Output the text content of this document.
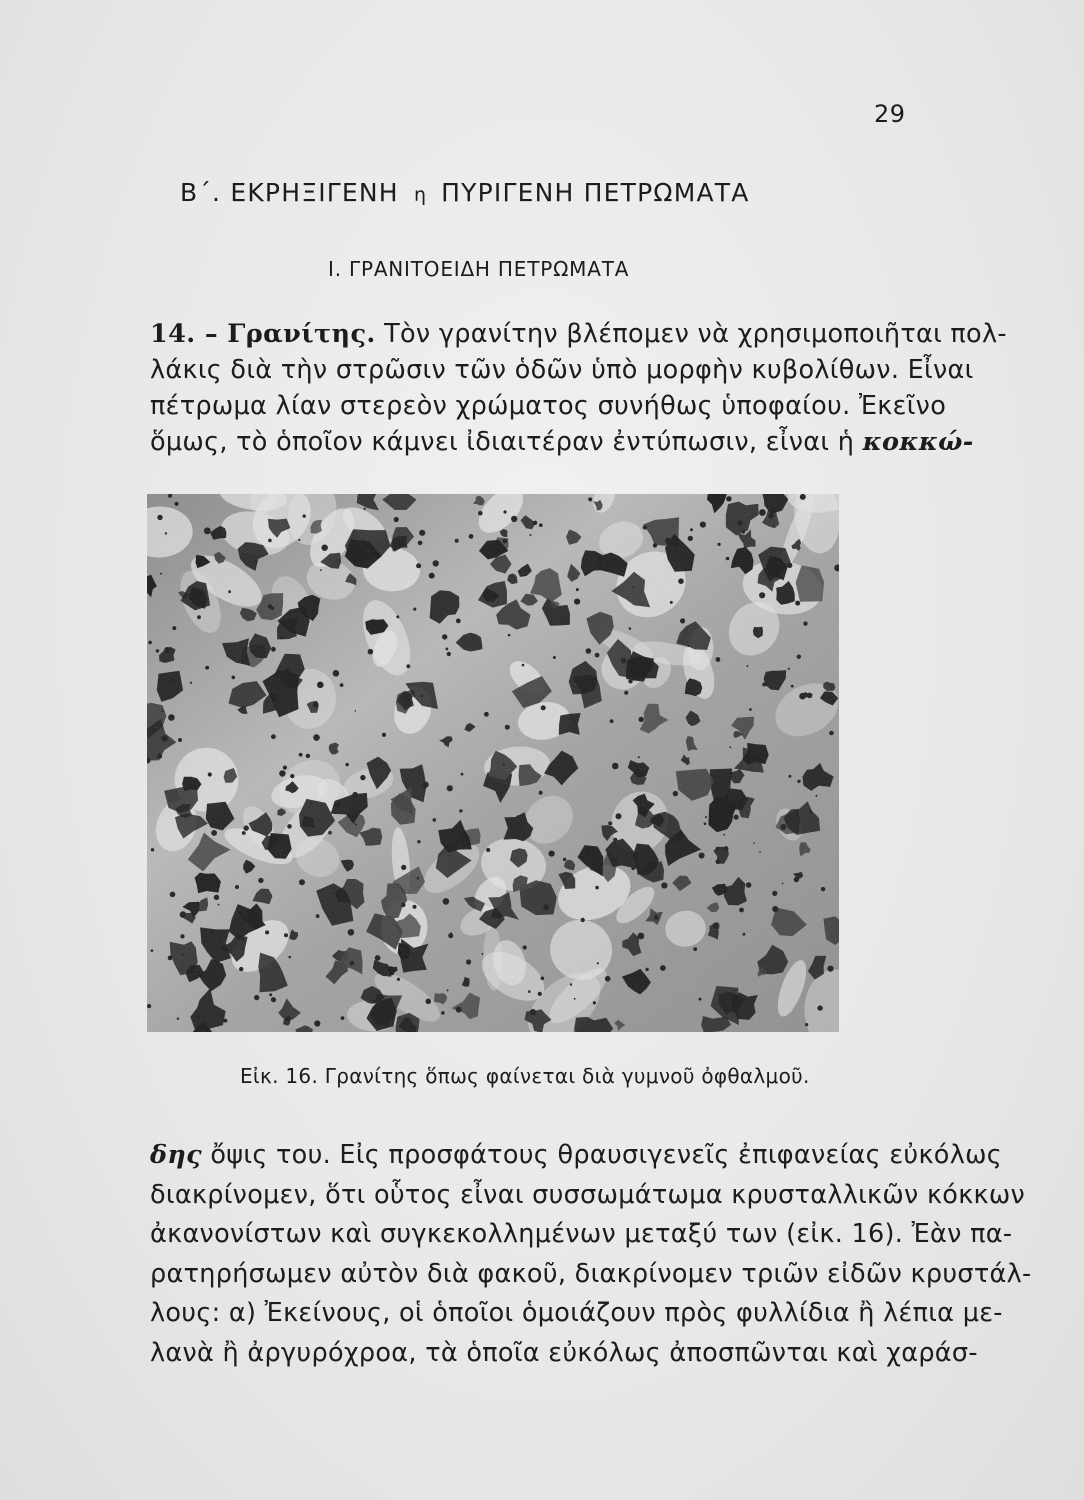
29
Β΄. ΕΚΡΗΞΙΓΕΝΗ η ΠΥΡΙΓΕΝΗ ΠΕΤΡΩΜΑΤΑ
Ι. ΓΡΑΝΙΤΟΕΙΔΗ ΠΕΤΡΩΜΑΤΑ
14. – Γρανίτης. Τὸν γρανίτην βλέπομεν νὰ χρησιμοποιῆται πολ-
λάκις διὰ τὴν στρῶσιν τῶν ὁδῶν ὑπὸ μορφὴν κυβολίθων. Εἶναι
πέτρωμα λίαν στερεὸν χρώματος συνήθως ὑποφαίου. Ἐκεῖνο
ὅμως, τὸ ὁποῖον κάμνει ἰδιαιτέραν ἐντύπωσιν, εἶναι ἡ κοκκώ-
Εἰκ. 16. Γρανίτης ὅπως φαίνεται διὰ γυμνοῦ ὀφθαλμοῦ.
δης ὄψις του. Εἰς προσφάτους θραυσιγενεῖς ἐπιφανείας εὐκόλως
διακρίνομεν, ὅτι οὗτος εἶναι συσσωμάτωμα κρυσταλλικῶν κόκκων
ἀκανονίστων καὶ συγκεκολλημένων μεταξύ των (εἰκ. 16). Ἐὰν πα-
ρατηρήσωμεν αὐτὸν διὰ φακοῦ, διακρίνομεν τριῶν εἰδῶν κρυστάλ-
λους: α) Ἐκείνους, οἱ ὁποῖοι ὁμοιάζουν πρὸς φυλλίδια ἢ λέπια με-
λανὰ ἢ ἀργυρόχροα, τὰ ὁποῖα εὐκόλως ἀποσπῶνται καὶ χαράσ-
